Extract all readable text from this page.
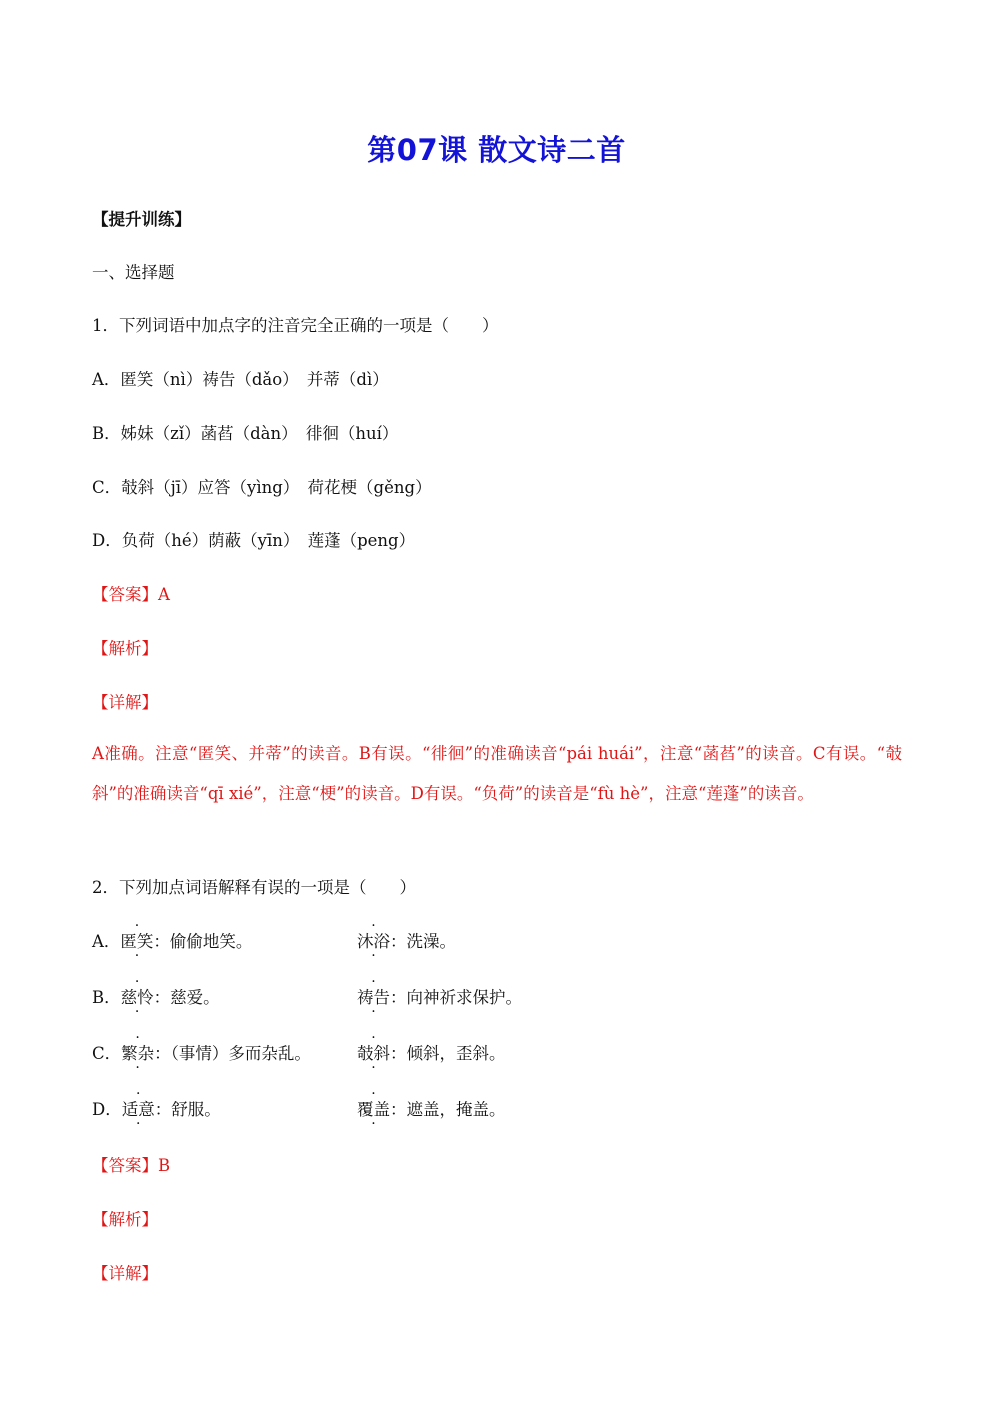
第07课 散文诗二首
【提升训练】
一、选择题
1．下列词语中加点字的注音完全正确的一项是（　　）
A．匿笑（nì）祷告（dǎo）　并蒂（dì）
B．姊妹（zǐ）菡萏（dàn）　徘徊（huí）
C．攲斜（jī）应答（yìng）　荷花梗（gěng）
D．负荷（hé）荫蔽（yīn）　莲蓬（peng）
【答案】A
【解析】
【详解】
A准确。注意“匿笑、并蒂”的读音。B有误。“徘徊”的准确读音“pái huái”，注意“菡萏”的读音。C有误。“攲斜”的准确读音“qī xié”，注意“梗”的读音。D有误。“负荷”的读音是“fù hè”，注意“莲蓬”的读音。
2．下列加点词语解释有误的一项是（　　）
A．匿笑：偷偷地笑。	沐浴：洗澡。
B．慈怜：慈爱。	祷告：向神祈求保护。
C．繁杂：（事情）多而杂乱。	攲斜：倾斜，歪斜。
D．适意：舒服。	覆盖：遮盖，掩盖。
【答案】B
【解析】
【详解】
